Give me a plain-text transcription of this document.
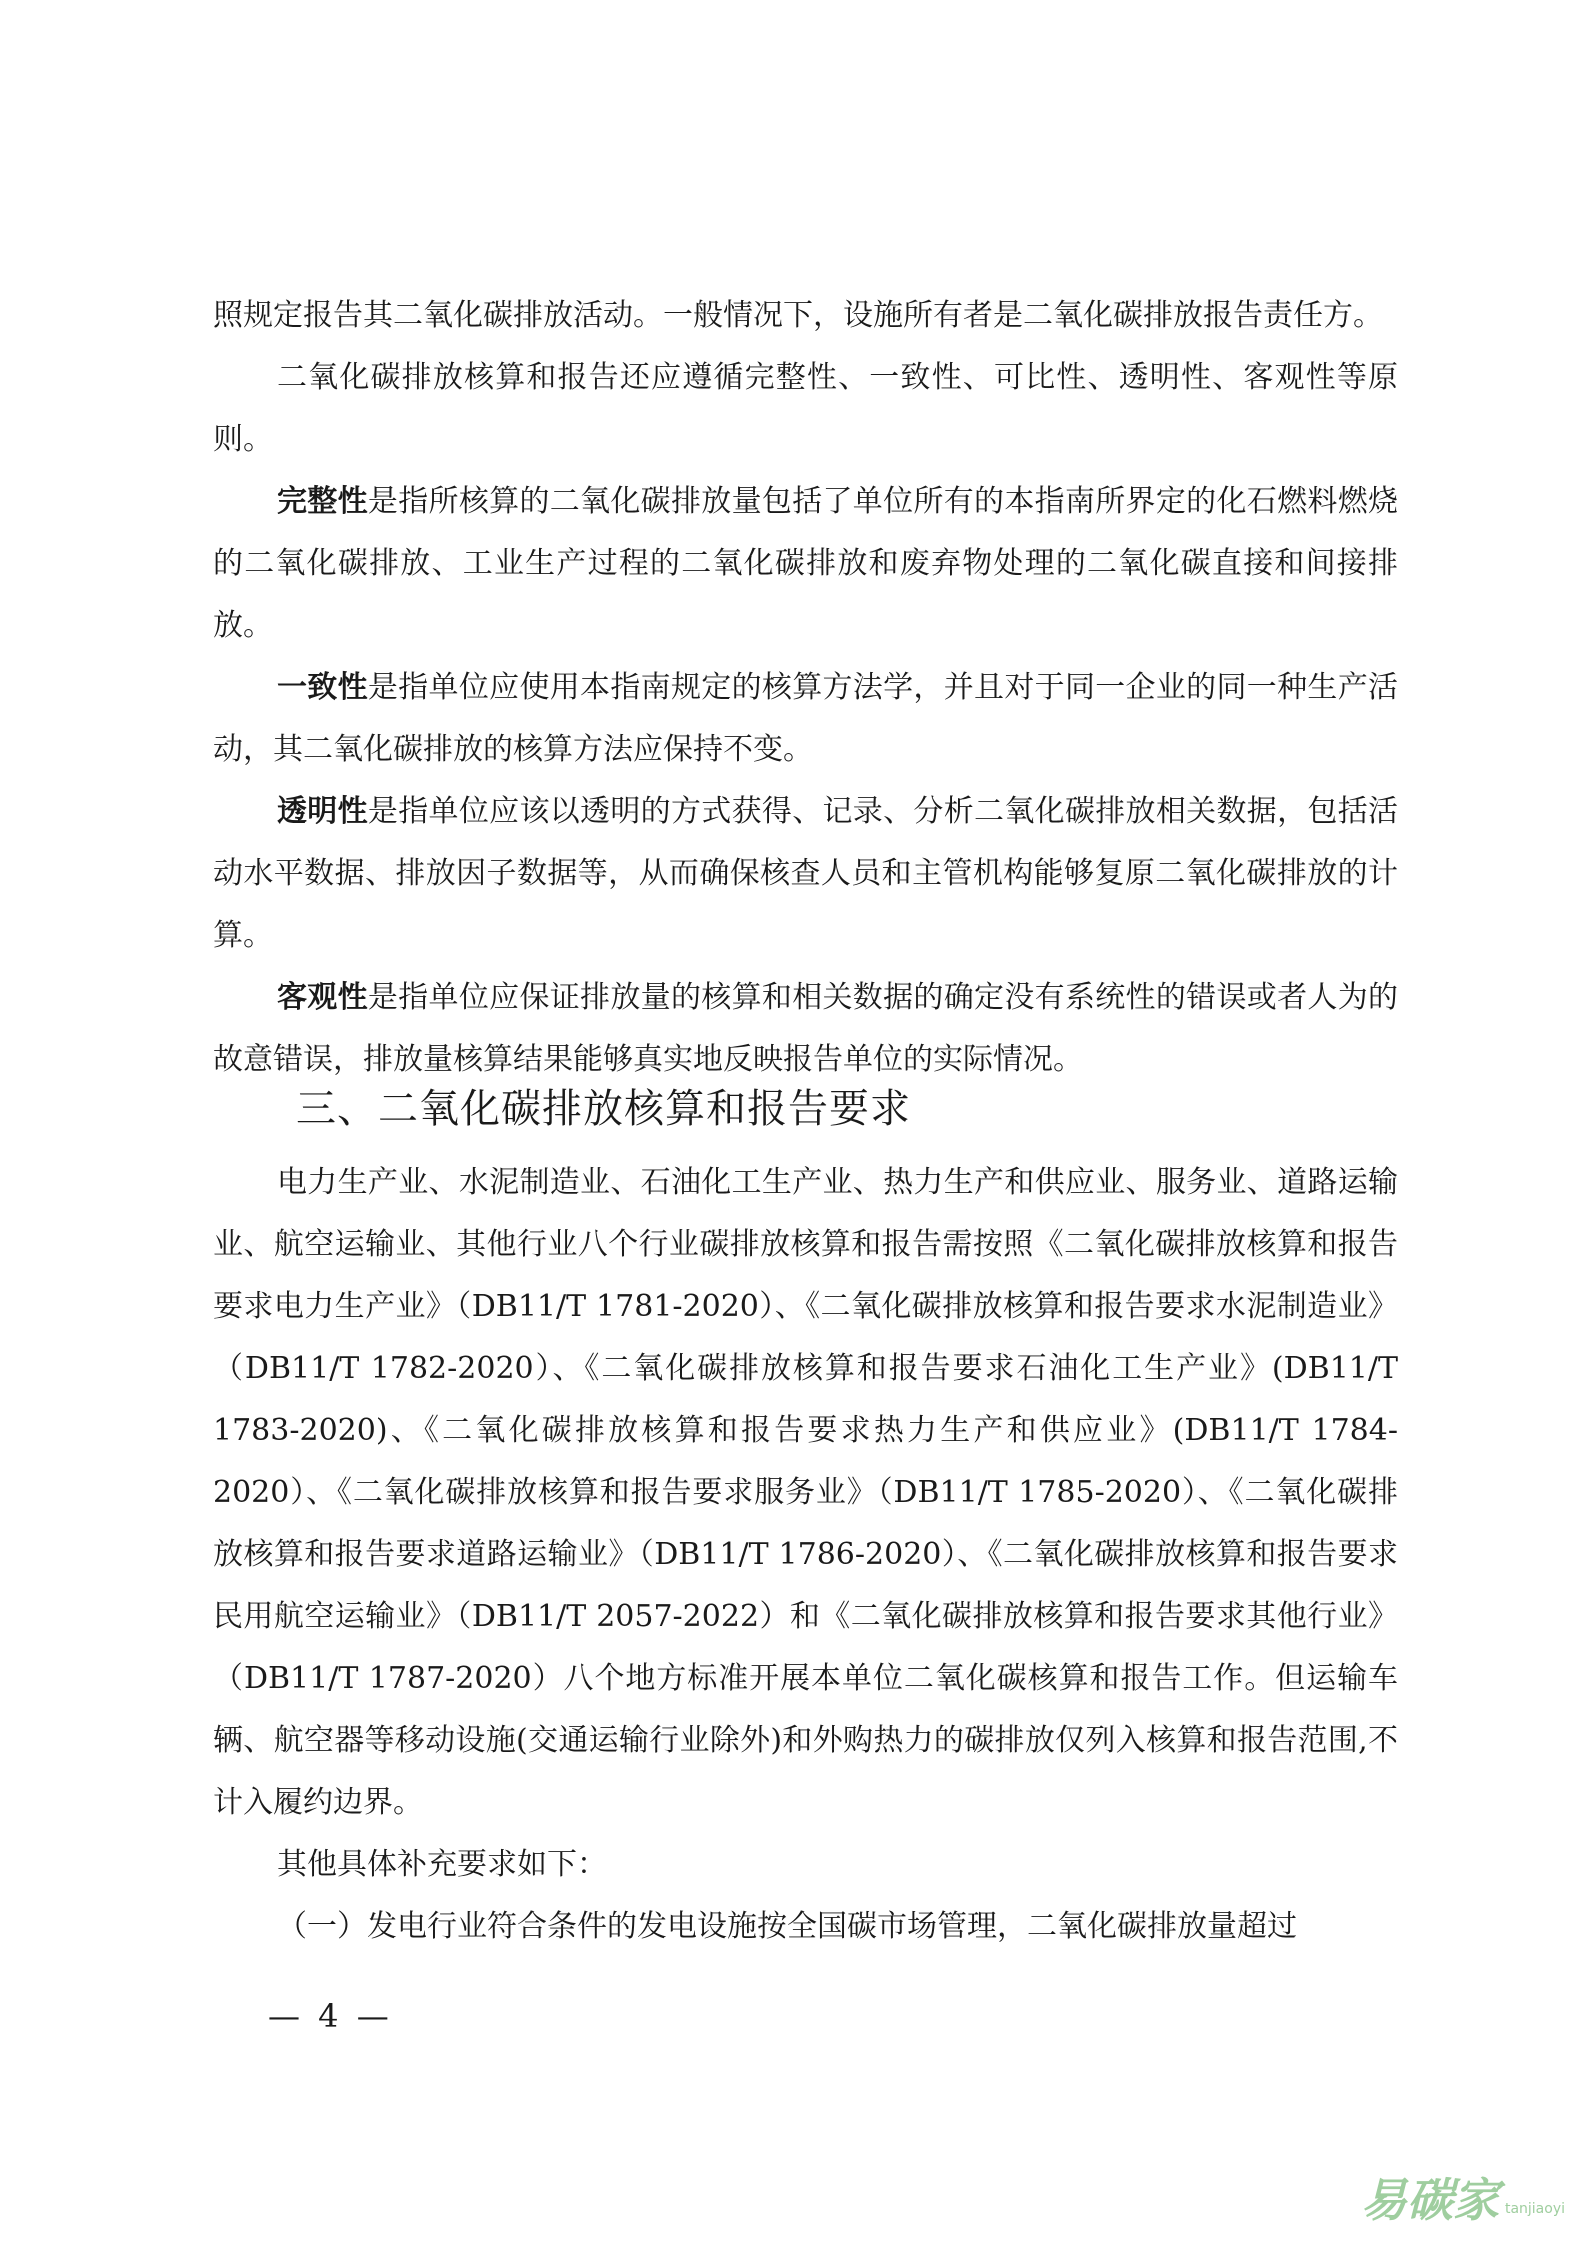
照规定报告其二氧化碳排放活动。一般情况下，设施所有者是二氧化碳排放报告责任方。

二氧化碳排放核算和报告还应遵循完整性、一致性、可比性、透明性、客观性等原则。

完整性是指所核算的二氧化碳排放量包括了单位所有的本指南所界定的化石燃料燃烧的二氧化碳排放、工业生产过程的二氧化碳排放和废弃物处理的二氧化碳直接和间接排放。

一致性是指单位应使用本指南规定的核算方法学，并且对于同一企业的同一种生产活动，其二氧化碳排放的核算方法应保持不变。

透明性是指单位应该以透明的方式获得、记录、分析二氧化碳排放相关数据，包括活动水平数据、排放因子数据等，从而确保核查人员和主管机构能够复原二氧化碳排放的计算。

客观性是指单位应保证排放量的核算和相关数据的确定没有系统性的错误或者人为的故意错误，排放量核算结果能够真实地反映报告单位的实际情况。

三、二氧化碳排放核算和报告要求

电力生产业、水泥制造业、石油化工生产业、热力生产和供应业、服务业、道路运输业、航空运输业、其他行业八个行业碳排放核算和报告需按照《二氧化碳排放核算和报告要求电力生产业》（DB11/T 1781-2020）、《二氧化碳排放核算和报告要求水泥制造业》（DB11/T 1782-2020）、《二氧化碳排放核算和报告要求石油化工生产业》(DB11/T 1783-2020)、《二氧化碳排放核算和报告要求热力生产和供应业》(DB11/T 1784-2020）、《二氧化碳排放核算和报告要求服务业》（DB11/T 1785-2020）、《二氧化碳排放核算和报告要求道路运输业》（DB11/T 1786-2020）、《二氧化碳排放核算和报告要求民用航空运输业》（DB11/T 2057-2022）和《二氧化碳排放核算和报告要求其他行业》（DB11/T 1787-2020）八个地方标准开展本单位二氧化碳核算和报告工作。但运输车辆、航空器等移动设施(交通运输行业除外)和外购热力的碳排放仅列入核算和报告范围,不计入履约边界。

其他具体补充要求如下：

（一）发电行业符合条件的发电设施按全国碳市场管理，二氧化碳排放量超过

— 4 —
易碳家 tanjiaoyi
